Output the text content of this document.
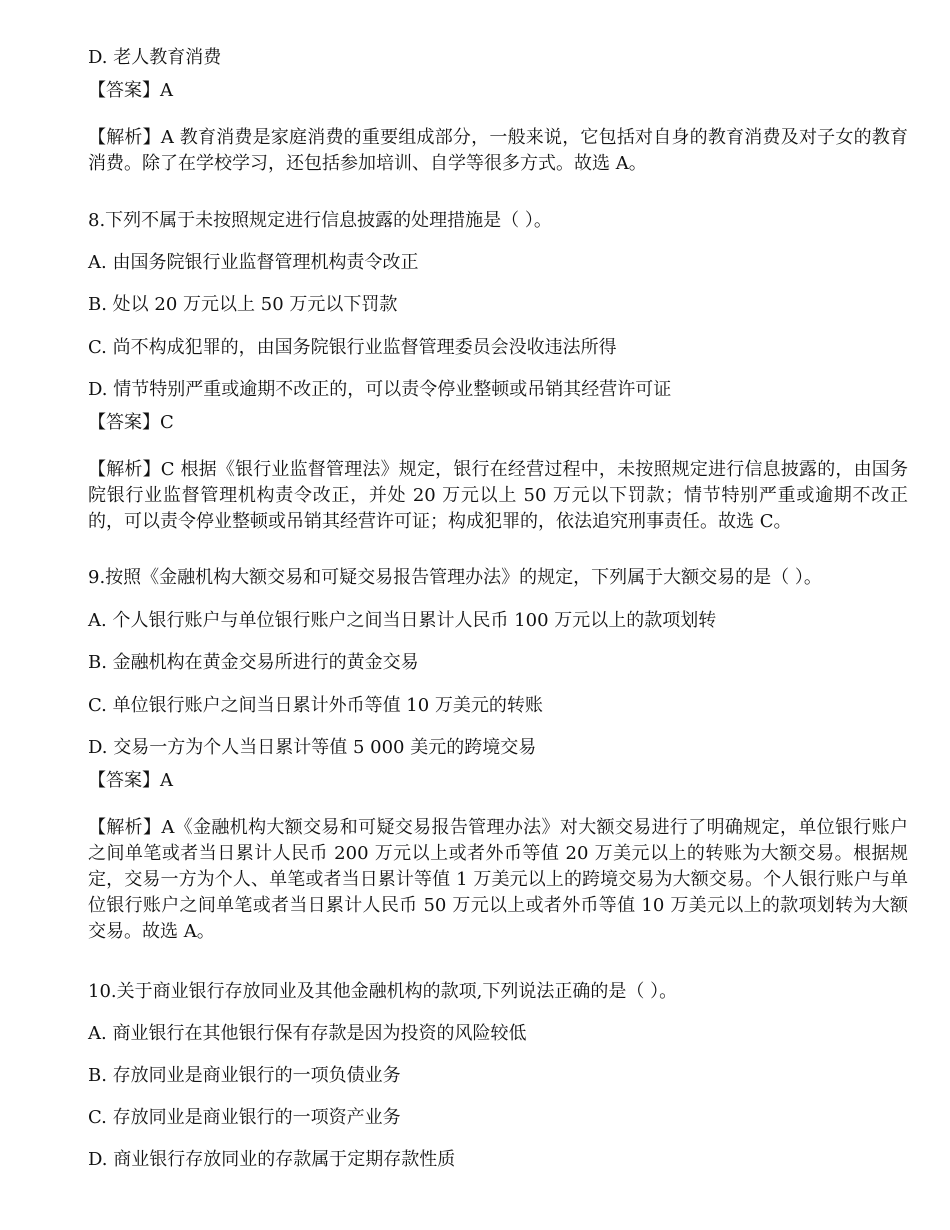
D. 老人教育消费
【答案】A
【解析】A 教育消费是家庭消费的重要组成部分，一般来说，它包括对自身的教育消费及对子女的教育消费。除了在学校学习，还包括参加培训、自学等很多方式。故选 A。
8.下列不属于未按照规定进行信息披露的处理措施是（ ）。
A. 由国务院银行业监督管理机构责令改正
B. 处以 20 万元以上 50 万元以下罚款
C. 尚不构成犯罪的，由国务院银行业监督管理委员会没收违法所得
D. 情节特别严重或逾期不改正的，可以责令停业整顿或吊销其经营许可证
【答案】C
【解析】C 根据《银行业监督管理法》规定，银行在经营过程中，未按照规定进行信息披露的，由国务院银行业监督管理机构责令改正，并处 20 万元以上 50 万元以下罚款；情节特别严重或逾期不改正的，可以责令停业整顿或吊销其经营许可证；构成犯罪的，依法追究刑事责任。故选 C。
9.按照《金融机构大额交易和可疑交易报告管理办法》的规定，下列属于大额交易的是（ ）。
A. 个人银行账户与单位银行账户之间当日累计人民币 100 万元以上的款项划转
B. 金融机构在黄金交易所进行的黄金交易
C. 单位银行账户之间当日累计外币等值 10 万美元的转账
D. 交易一方为个人当日累计等值 5 000 美元的跨境交易
【答案】A
【解析】A《金融机构大额交易和可疑交易报告管理办法》对大额交易进行了明确规定，单位银行账户之间单笔或者当日累计人民币 200 万元以上或者外币等值 20 万美元以上的转账为大额交易。根据规定，交易一方为个人、单笔或者当日累计等值 1 万美元以上的跨境交易为大额交易。个人银行账户与单位银行账户之间单笔或者当日累计人民币 50 万元以上或者外币等值 10 万美元以上的款项划转为大额交易。故选 A。
10.关于商业银行存放同业及其他金融机构的款项,下列说法正确的是（ ）。
A. 商业银行在其他银行保有存款是因为投资的风险较低
B. 存放同业是商业银行的一项负债业务
C. 存放同业是商业银行的一项资产业务
D. 商业银行存放同业的存款属于定期存款性质
